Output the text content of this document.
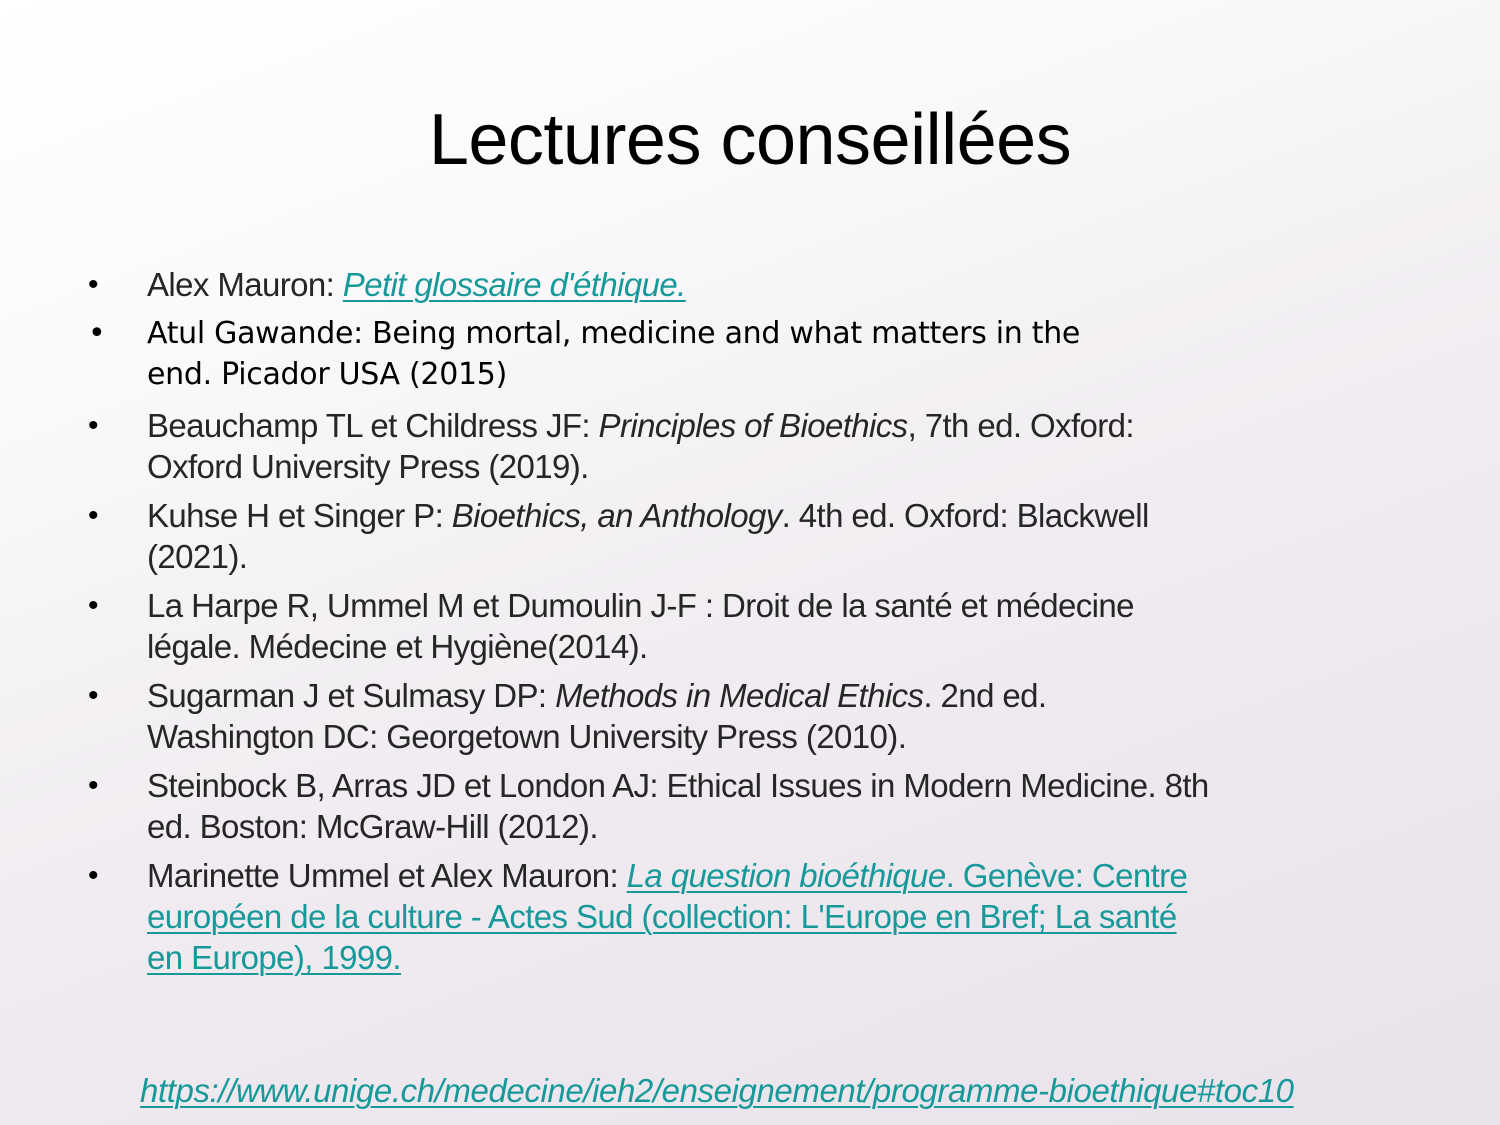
Lectures conseillées
•	Alex Mauron: Petit glossaire d'éthique.
• Atul Gawande: Being mortal, medicine and what matters in the
end. Picador USA (2015)
•	Beauchamp TL et Childress JF: Principles of Bioethics, 7th ed. Oxford:
Oxford University Press (2019).
•	Kuhse H et Singer P: Bioethics, an Anthology. 4th ed. Oxford: Blackwell
(2021).
•	La Harpe R, Ummel M et Dumoulin J-F : Droit de la santé et médecine
légale. Médecine et Hygiène(2014).
•	Sugarman J et Sulmasy DP: Methods in Medical Ethics. 2nd ed.
Washington DC: Georgetown University Press (2010).
•	Steinbock B, Arras JD et London AJ: Ethical Issues in Modern Medicine. 8th
ed. Boston: McGraw-Hill (2012).
•	Marinette Ummel et Alex Mauron: La question bioéthique. Genève: Centre
européen de la culture - Actes Sud (collection: L'Europe en Bref; La santé
en Europe), 1999.
https://www.unige.ch/medecine/ieh2/enseignement/programme-bioethique#toc10
